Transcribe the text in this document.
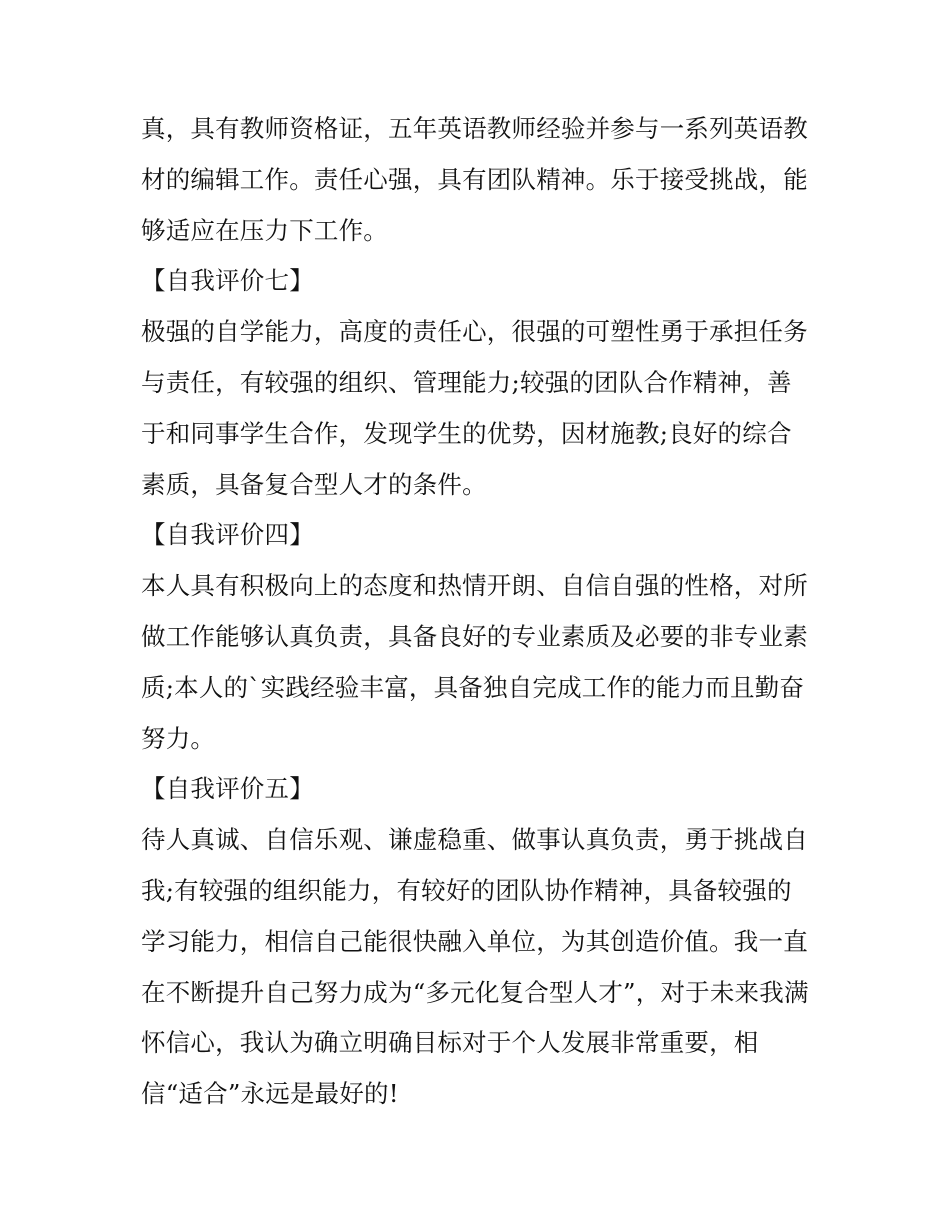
真，具有教师资格证，五年英语教师经验并参与一系列英语教
材的编辑工作。责任心强，具有团队精神。乐于接受挑战，能
够适应在压力下工作。
【自我评价七】
极强的自学能力，高度的责任心，很强的可塑性勇于承担任务
与责任，有较强的组织、管理能力;较强的团队合作精神，善
于和同事学生合作，发现学生的优势，因材施教;良好的综合
素质，具备复合型人才的条件。
【自我评价四】
本人具有积极向上的态度和热情开朗、自信自强的性格，对所
做工作能够认真负责，具备良好的专业素质及必要的非专业素
质;本人的`实践经验丰富，具备独自完成工作的能力而且勤奋
努力。
【自我评价五】
待人真诚、自信乐观、谦虚稳重、做事认真负责，勇于挑战自
我;有较强的组织能力，有较好的团队协作精神，具备较强的
学习能力，相信自己能很快融入单位，为其创造价值。我一直
在不断提升自己努力成为“多元化复合型人才”，对于未来我满
怀信心，我认为确立明确目标对于个人发展非常重要，相
信“适合”永远是最好的!
